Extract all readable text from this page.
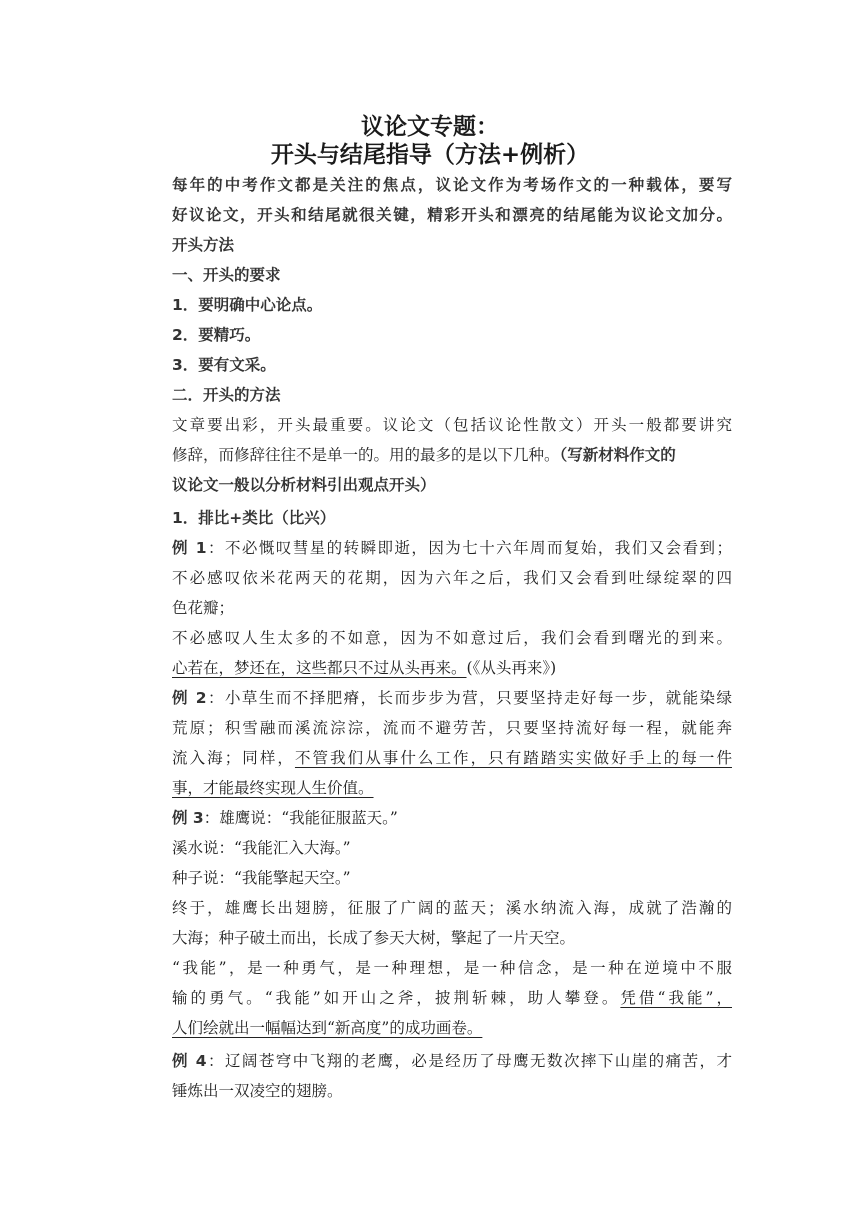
议论文专题：
开头与结尾指导（方法+例析）
每年的中考作文都是关注的焦点，议论文作为考场作文的一种载体，要写
好议论文，开头和结尾就很关键，精彩开头和漂亮的结尾能为议论文加分。
开头方法
一、开头的要求
1．要明确中心论点。
2．要精巧。
3．要有文采。
二．开头的方法
文章要出彩，开头最重要。议论文（包括议论性散文）开头一般都要讲究
修辞，而修辞往往不是单一的。用的最多的是以下几种。（写新材料作文的
议论文一般以分析材料引出观点开头）
1．排比+类比（比兴）
例 1：不必慨叹彗星的转瞬即逝，因为七十六年周而复始，我们又会看到；
不必感叹依米花两天的花期，因为六年之后，我们又会看到吐绿绽翠的四
色花瓣；
不必感叹人生太多的不如意，因为不如意过后，我们会看到曙光的到来。
心若在，梦还在，这些都只不过从头再来。(《从头再来》)
例 2：小草生而不择肥瘠，长而步步为营，只要坚持走好每一步，就能染绿
荒原；积雪融而溪流淙淙，流而不避劳苦，只要坚持流好每一程，就能奔
流入海；同样，不管我们从事什么工作，只有踏踏实实做好手上的每一件
事，才能最终实现人生价值。
例 3：雄鹰说：“我能征服蓝天。”
溪水说：“我能汇入大海。”
种子说：“我能擎起天空。”
终于，雄鹰长出翅膀，征服了广阔的蓝天；溪水纳流入海，成就了浩瀚的
大海；种子破土而出，长成了参天大树，擎起了一片天空。
“我能”，是一种勇气，是一种理想，是一种信念，是一种在逆境中不服
输的勇气。“我能”如开山之斧，披荆斩棘，助人攀登。凭借“我能”，
人们绘就出一幅幅达到“新高度”的成功画卷。
例 4：辽阔苍穹中飞翔的老鹰，必是经历了母鹰无数次摔下山崖的痛苦，才
锤炼出一双凌空的翅膀。
